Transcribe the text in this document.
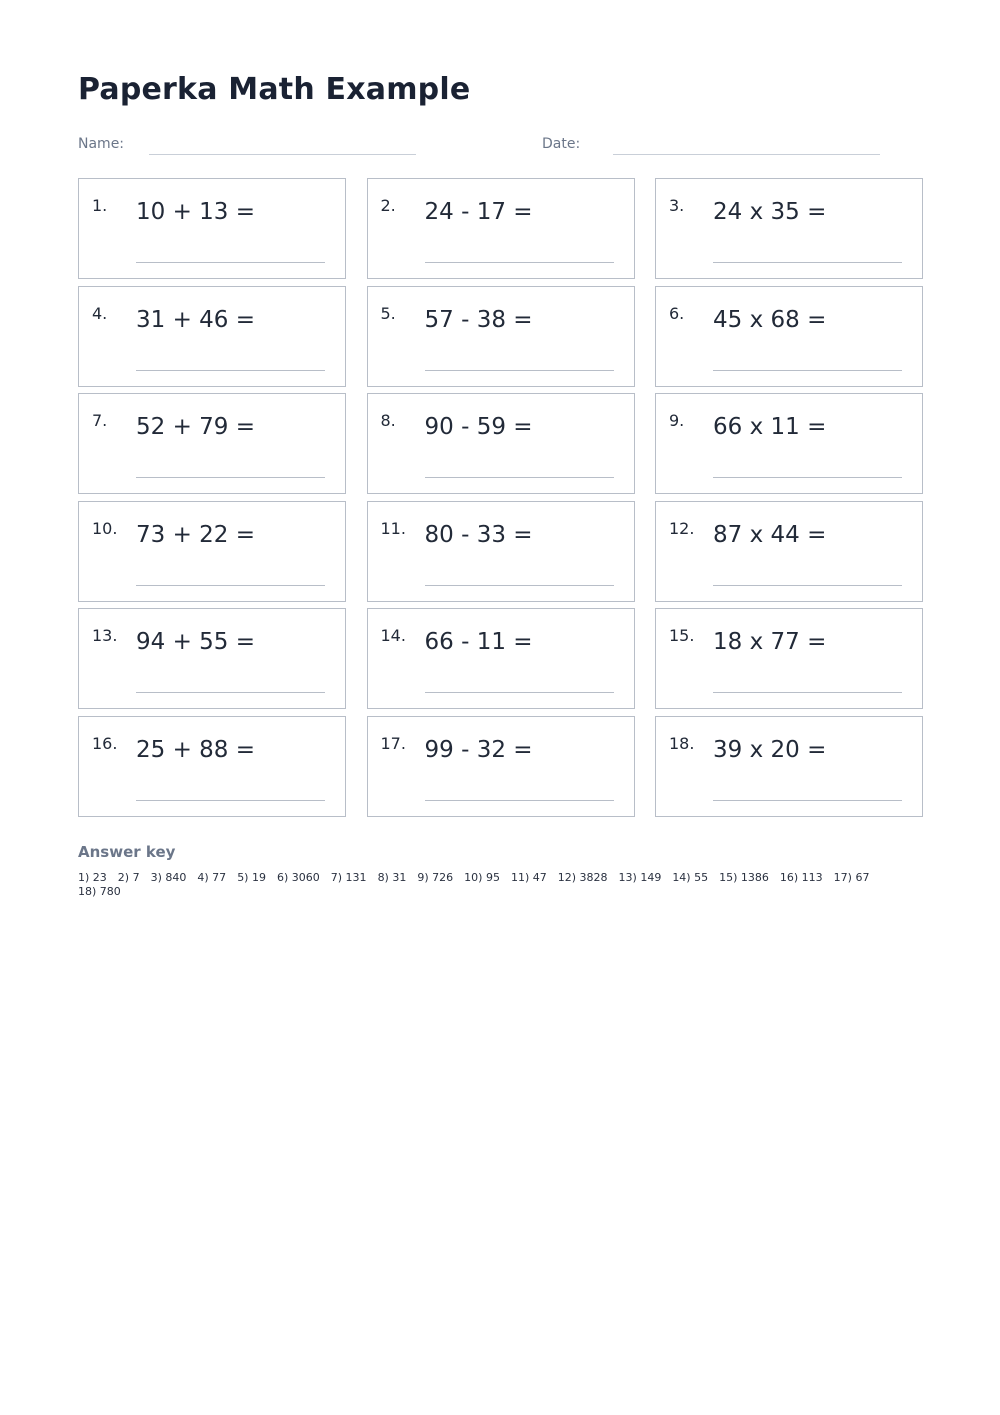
Paperka Math Example
Name:	Date:
1. 10 + 13 =	2. 24 - 17 =	3. 24 x 35 =
4. 31 + 46 =	5. 57 - 38 =	6. 45 x 68 =
7. 52 + 79 =	8. 90 - 59 =	9. 66 x 11 =
10. 73 + 22 =	11. 80 - 33 =	12. 87 x 44 =
13. 94 + 55 =	14. 66 - 11 =	15. 18 x 77 =
16. 25 + 88 =	17. 99 - 32 =	18. 39 x 20 =
Answer key
1) 23 2) 7 3) 840 4) 77 5) 19 6) 3060 7) 131 8) 31 9) 726 10) 95 11) 47 12) 3828 13) 149 14) 55 15) 1386 16) 113 17) 67
18) 780
